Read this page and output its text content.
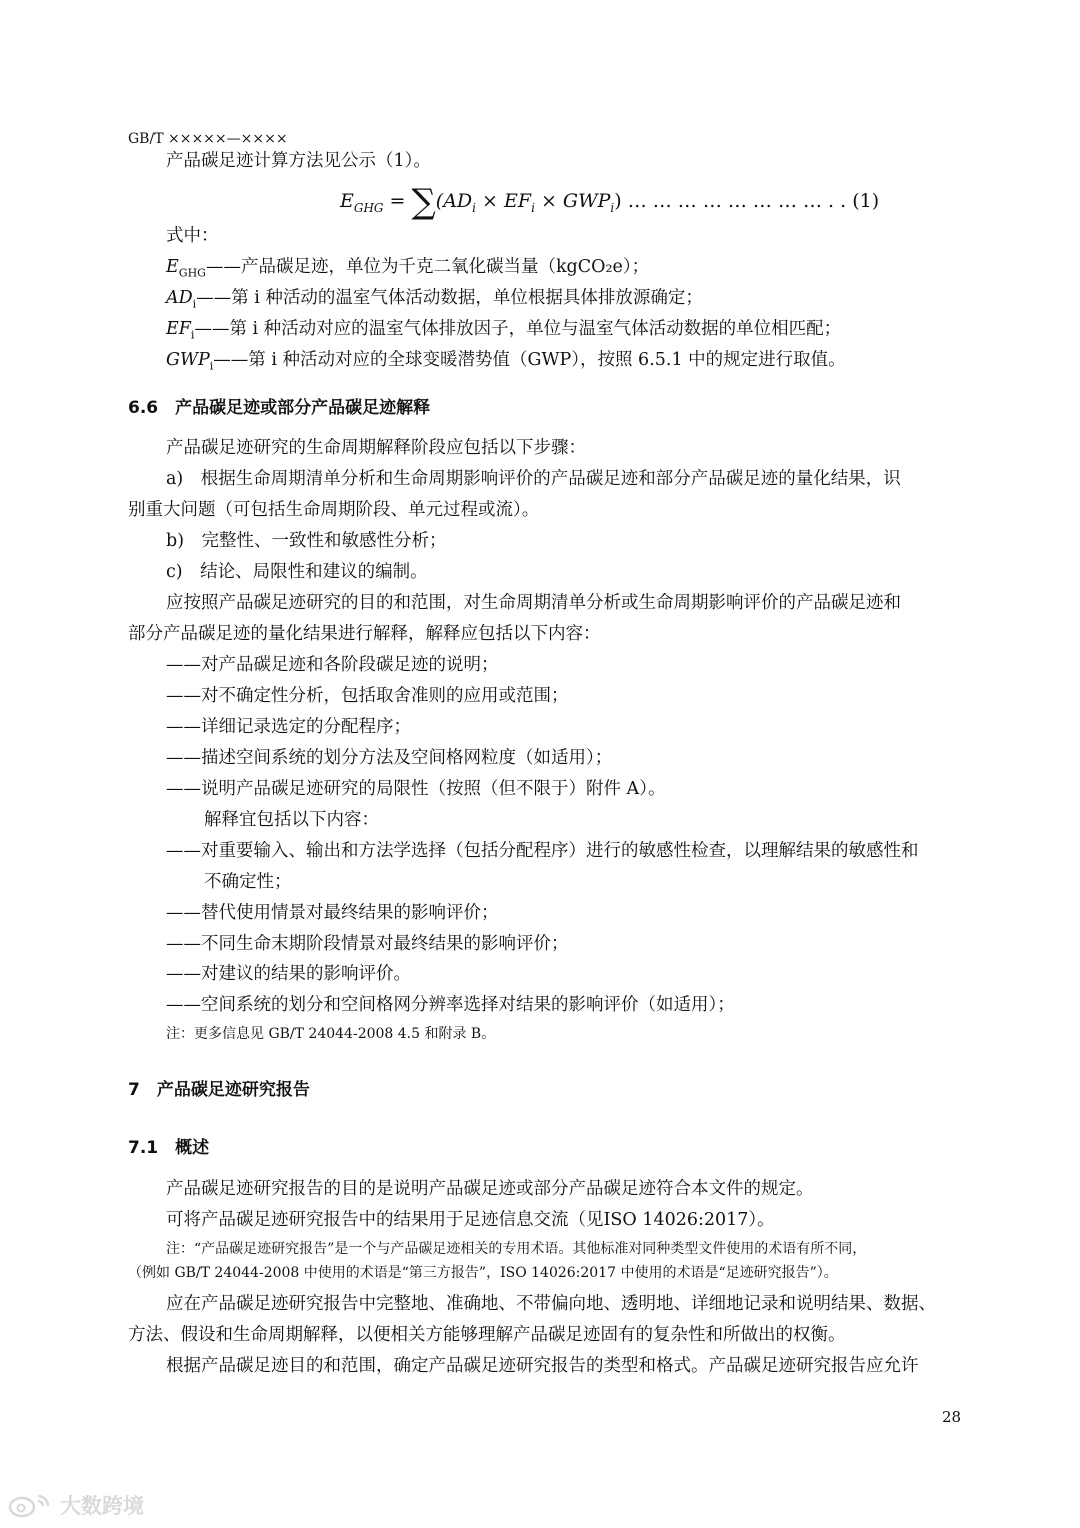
GB/T ×××××—××××
产品碳足迹计算方法见公示（1）。
$E_{GHG} = \sum(AD_i \times EF_i \times GWP_i)$ … … … … … … … … . . (1)
式中：
$E_{GHG}——$产品碳足迹，单位为千克二氧化碳当量（kgCO₂e）；
$AD_i——$第 i 种活动的温室气体活动数据，单位根据具体排放源确定；
$EF_i——$第 i 种活动对应的温室气体排放因子，单位与温室气体活动数据的单位相匹配；
$GWP_i——$第 i 种活动对应的全球变暖潜势值（GWP），按照 6.5.1 中的规定进行取值。
6.6　产品碳足迹或部分产品碳足迹解释
产品碳足迹研究的生命周期解释阶段应包括以下步骤：
a)　根据生命周期清单分析和生命周期影响评价的产品碳足迹和部分产品碳足迹的量化结果，识
别重大问题（可包括生命周期阶段、单元过程或流）。
b)　完整性、一致性和敏感性分析；
c)　结论、局限性和建议的编制。
应按照产品碳足迹研究的目的和范围，对生命周期清单分析或生命周期影响评价的产品碳足迹和
部分产品碳足迹的量化结果进行解释，解释应包括以下内容：
——对产品碳足迹和各阶段碳足迹的说明；
——对不确定性分析，包括取舍准则的应用或范围；
——详细记录选定的分配程序；
——描述空间系统的划分方法及空间格网粒度（如适用）；
——说明产品碳足迹研究的局限性（按照（但不限于）附件 A）。
解释宜包括以下内容：
——对重要输入、输出和方法学选择（包括分配程序）进行的敏感性检查，以理解结果的敏感性和
不确定性；
——替代使用情景对最终结果的影响评价；
——不同生命末期阶段情景对最终结果的影响评价；
——对建议的结果的影响评价。
——空间系统的划分和空间格网分辨率选择对结果的影响评价（如适用）；
注：更多信息见 GB/T 24044-2008 4.5 和附录 B。
7　产品碳足迹研究报告
7.1　概述
产品碳足迹研究报告的目的是说明产品碳足迹或部分产品碳足迹符合本文件的规定。
可将产品碳足迹研究报告中的结果用于足迹信息交流（见ISO 14026:2017）。
注：“产品碳足迹研究报告”是一个与产品碳足迹相关的专用术语。其他标准对同种类型文件使用的术语有所不同，
（例如 GB/T 24044-2008 中使用的术语是“第三方报告”，ISO 14026:2017 中使用的术语是“足迹研究报告”）。
应在产品碳足迹研究报告中完整地、准确地、不带偏向地、透明地、详细地记录和说明结果、数据、
方法、假设和生命周期解释，以便相关方能够理解产品碳足迹固有的复杂性和所做出的权衡。
根据产品碳足迹目的和范围，确定产品碳足迹研究报告的类型和格式。产品碳足迹研究报告应允许
28
大数跨境
